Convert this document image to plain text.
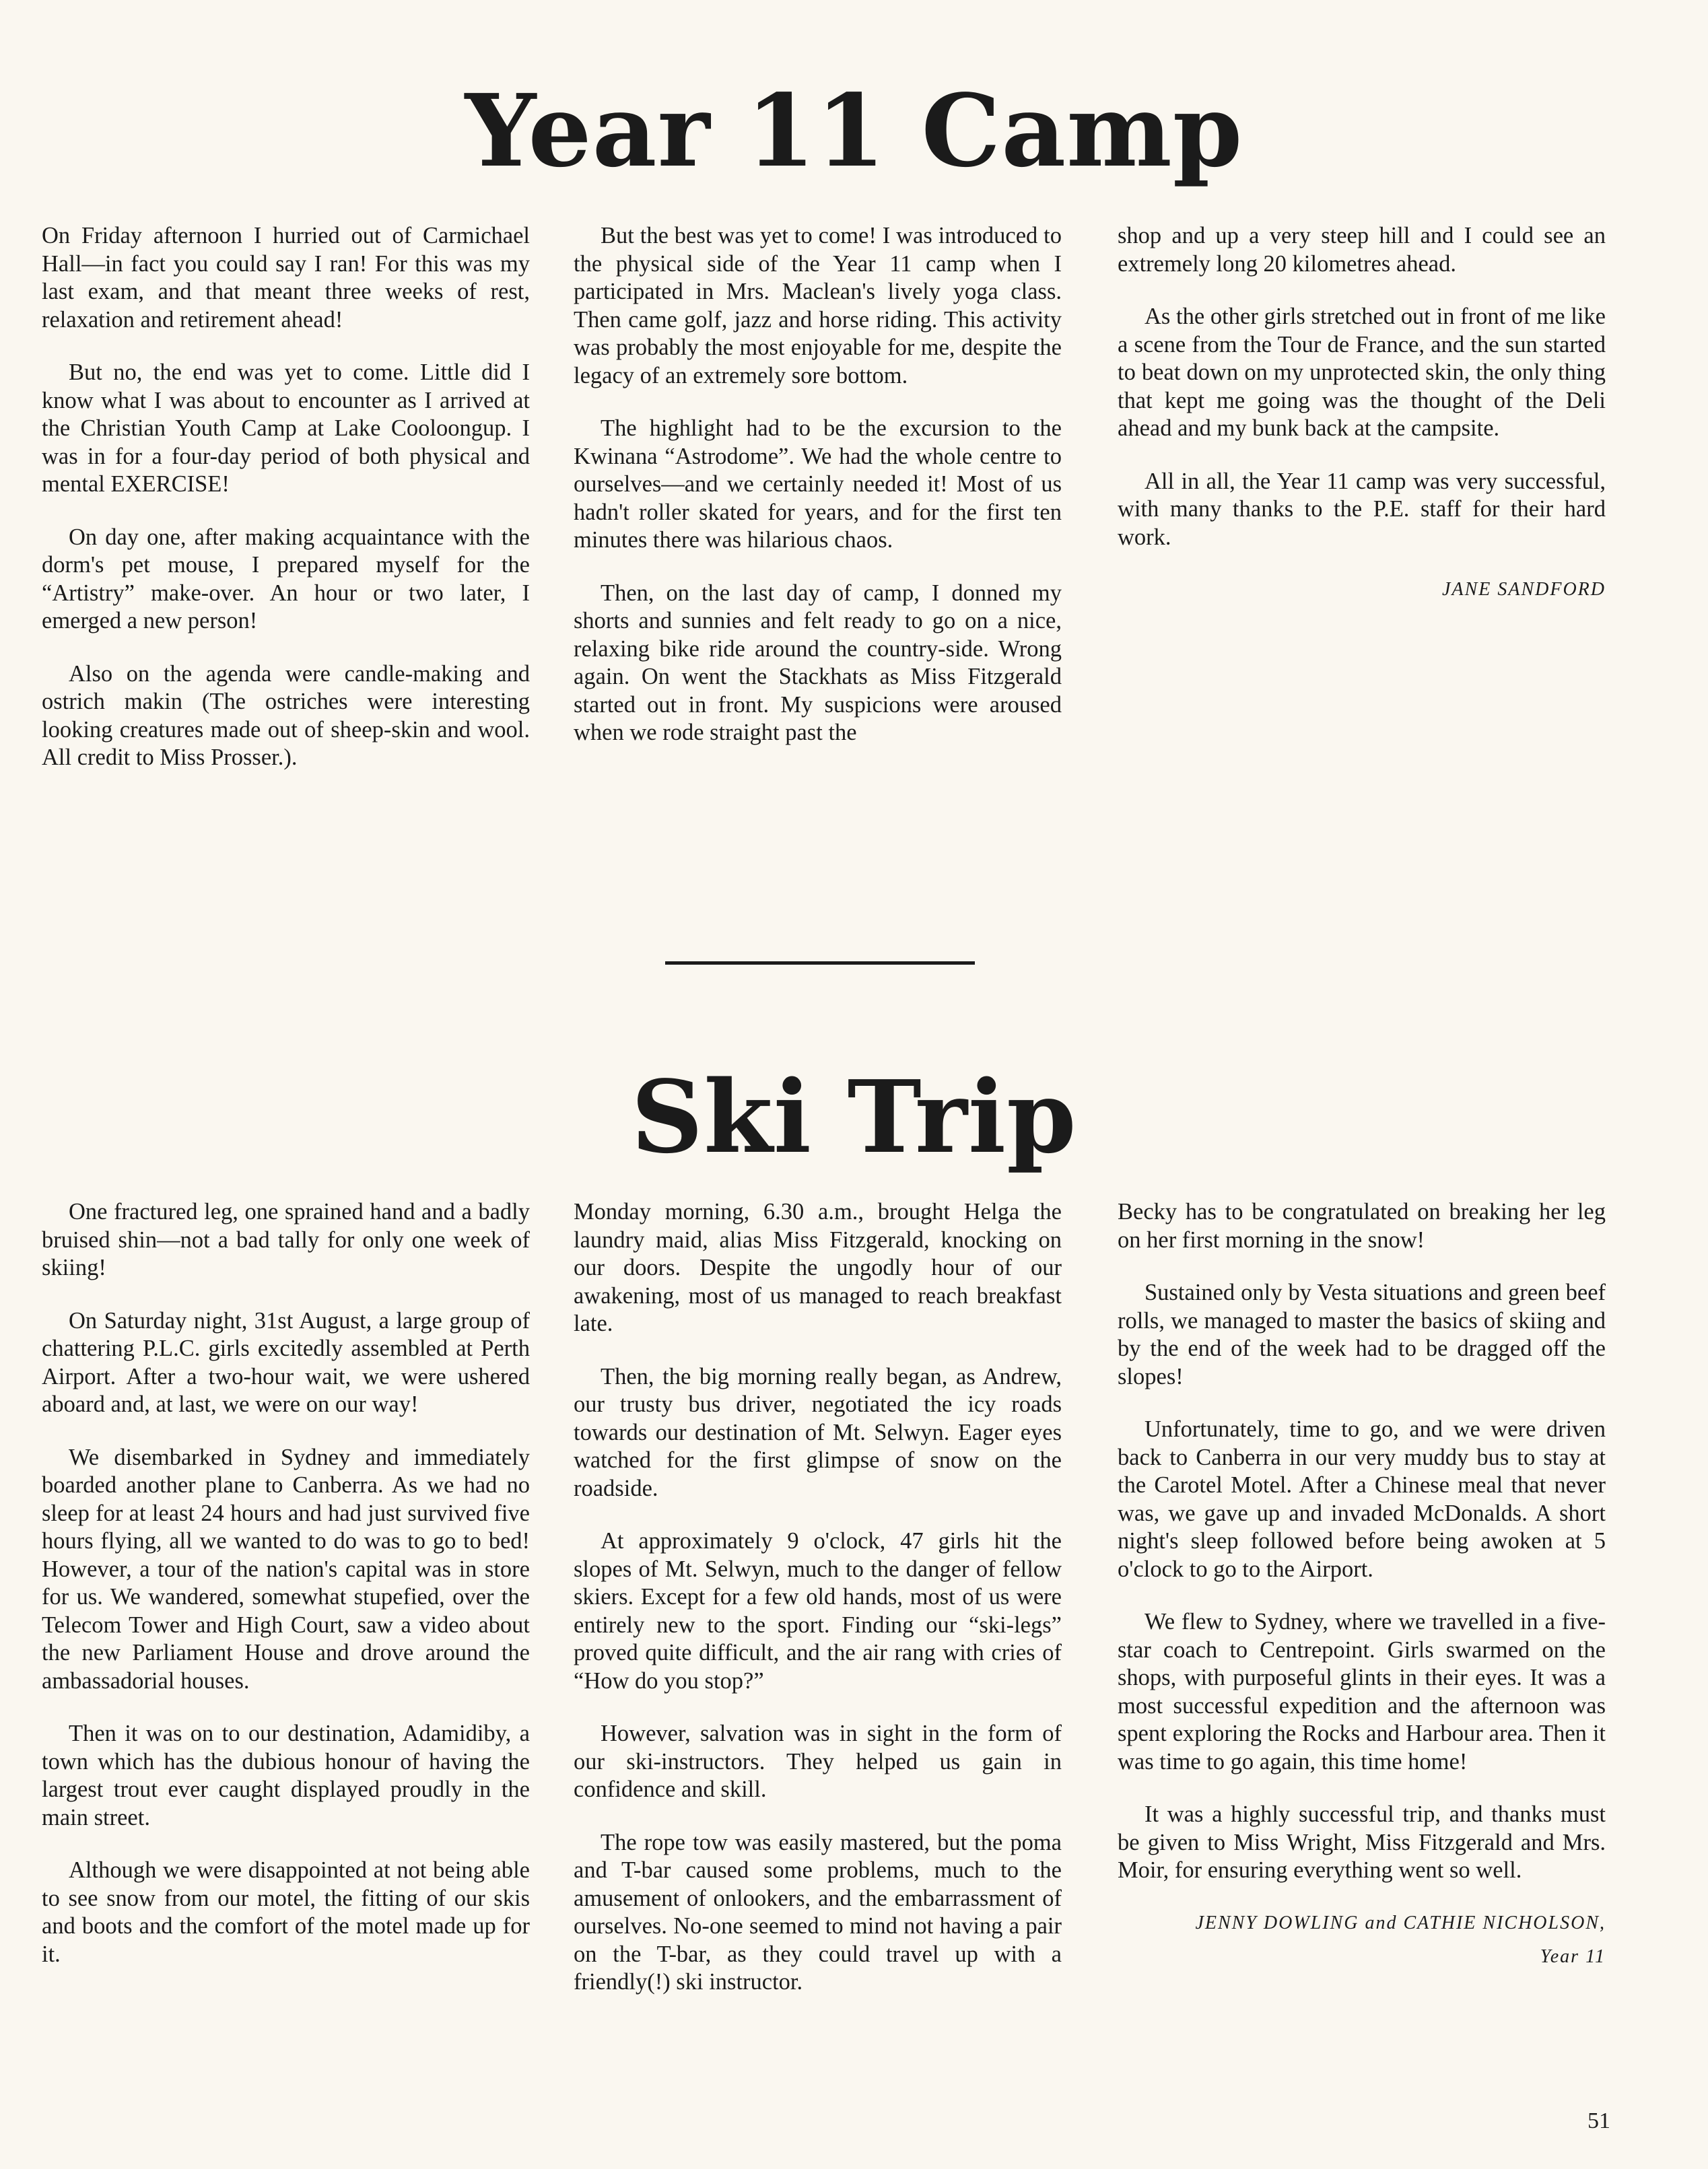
Year 11 Camp

On Friday afternoon I hurried out of Carmichael Hall—in fact you could say I ran! For this was my last exam, and that meant three weeks of rest, relaxation and retirement ahead!

But no, the end was yet to come. Little did I know what I was about to encounter as I arrived at the Christian Youth Camp at Lake Cooloongup. I was in for a four-day period of both physical and mental EXERCISE!

On day one, after making acquaintance with the dorm's pet mouse, I prepared myself for the “Artistry” make-over. An hour or two later, I emerged a new person!

Also on the agenda were candle-making and ostrich makin (The ostriches were interesting looking creatures made out of sheep-skin and wool. All credit to Miss Prosser.).

But the best was yet to come! I was introduced to the physical side of the Year 11 camp when I participated in Mrs. Maclean's lively yoga class. Then came golf, jazz and horse riding. This activity was probably the most enjoyable for me, despite the legacy of an extremely sore bottom.

The highlight had to be the excursion to the Kwinana “Astrodome”. We had the whole centre to ourselves—and we certainly needed it! Most of us hadn't roller skated for years, and for the first ten minutes there was hilarious chaos.

Then, on the last day of camp, I donned my shorts and sunnies and felt ready to go on a nice, relaxing bike ride around the country-side. Wrong again. On went the Stackhats as Miss Fitzgerald started out in front. My suspicions were aroused when we rode straight past the

shop and up a very steep hill and I could see an extremely long 20 kilometres ahead.

As the other girls stretched out in front of me like a scene from the Tour de France, and the sun started to beat down on my unprotected skin, the only thing that kept me going was the thought of the Deli ahead and my bunk back at the campsite.

All in all, the Year 11 camp was very successful, with many thanks to the P.E. staff for their hard work.

JANE SANDFORD
Ski Trip

One fractured leg, one sprained hand and a badly bruised shin—not a bad tally for only one week of skiing!

On Saturday night, 31st August, a large group of chattering P.L.C. girls excitedly assembled at Perth Airport. After a two-hour wait, we were ushered aboard and, at last, we were on our way!

We disembarked in Sydney and immediately boarded another plane to Canberra. As we had no sleep for at least 24 hours and had just survived five hours flying, all we wanted to do was to go to bed! However, a tour of the nation's capital was in store for us. We wandered, somewhat stupefied, over the Telecom Tower and High Court, saw a video about the new Parliament House and drove around the ambassadorial houses.

Then it was on to our destination, Adamidiby, a town which has the dubious honour of having the largest trout ever caught displayed proudly in the main street.

Although we were disappointed at not being able to see snow from our motel, the fitting of our skis and boots and the comfort of the motel made up for it.

Monday morning, 6.30 a.m., brought Helga the laundry maid, alias Miss Fitzgerald, knocking on our doors. Despite the ungodly hour of our awakening, most of us managed to reach breakfast late.

Then, the big morning really began, as Andrew, our trusty bus driver, negotiated the icy roads towards our destination of Mt. Selwyn. Eager eyes watched for the first glimpse of snow on the roadside.

At approximately 9 o'clock, 47 girls hit the slopes of Mt. Selwyn, much to the danger of fellow skiers. Except for a few old hands, most of us were entirely new to the sport. Finding our “ski-legs” proved quite difficult, and the air rang with cries of “How do you stop?”

However, salvation was in sight in the form of our ski-instructors. They helped us gain in confidence and skill.

The rope tow was easily mastered, but the poma and T-bar caused some problems, much to the amusement of onlookers, and the embarrassment of ourselves. No-one seemed to mind not having a pair on the T-bar, as they could travel up with a friendly(!) ski instructor.

Becky has to be congratulated on breaking her leg on her first morning in the snow!

Sustained only by Vesta situations and green beef rolls, we managed to master the basics of skiing and by the end of the week had to be dragged off the slopes!

Unfortunately, time to go, and we were driven back to Canberra in our very muddy bus to stay at the Carotel Motel. After a Chinese meal that never was, we gave up and invaded McDonalds. A short night's sleep followed before being awoken at 5 o'clock to go to the Airport.

We flew to Sydney, where we travelled in a five-star coach to Centrepoint. Girls swarmed on the shops, with purposeful glints in their eyes. It was a most successful expedition and the afternoon was spent exploring the Rocks and Harbour area. Then it was time to go again, this time home!

It was a highly successful trip, and thanks must be given to Miss Wright, Miss Fitzgerald and Mrs. Moir, for ensuring everything went so well.

JENNY DOWLING and CATHIE NICHOLSON,
Year 11
51
